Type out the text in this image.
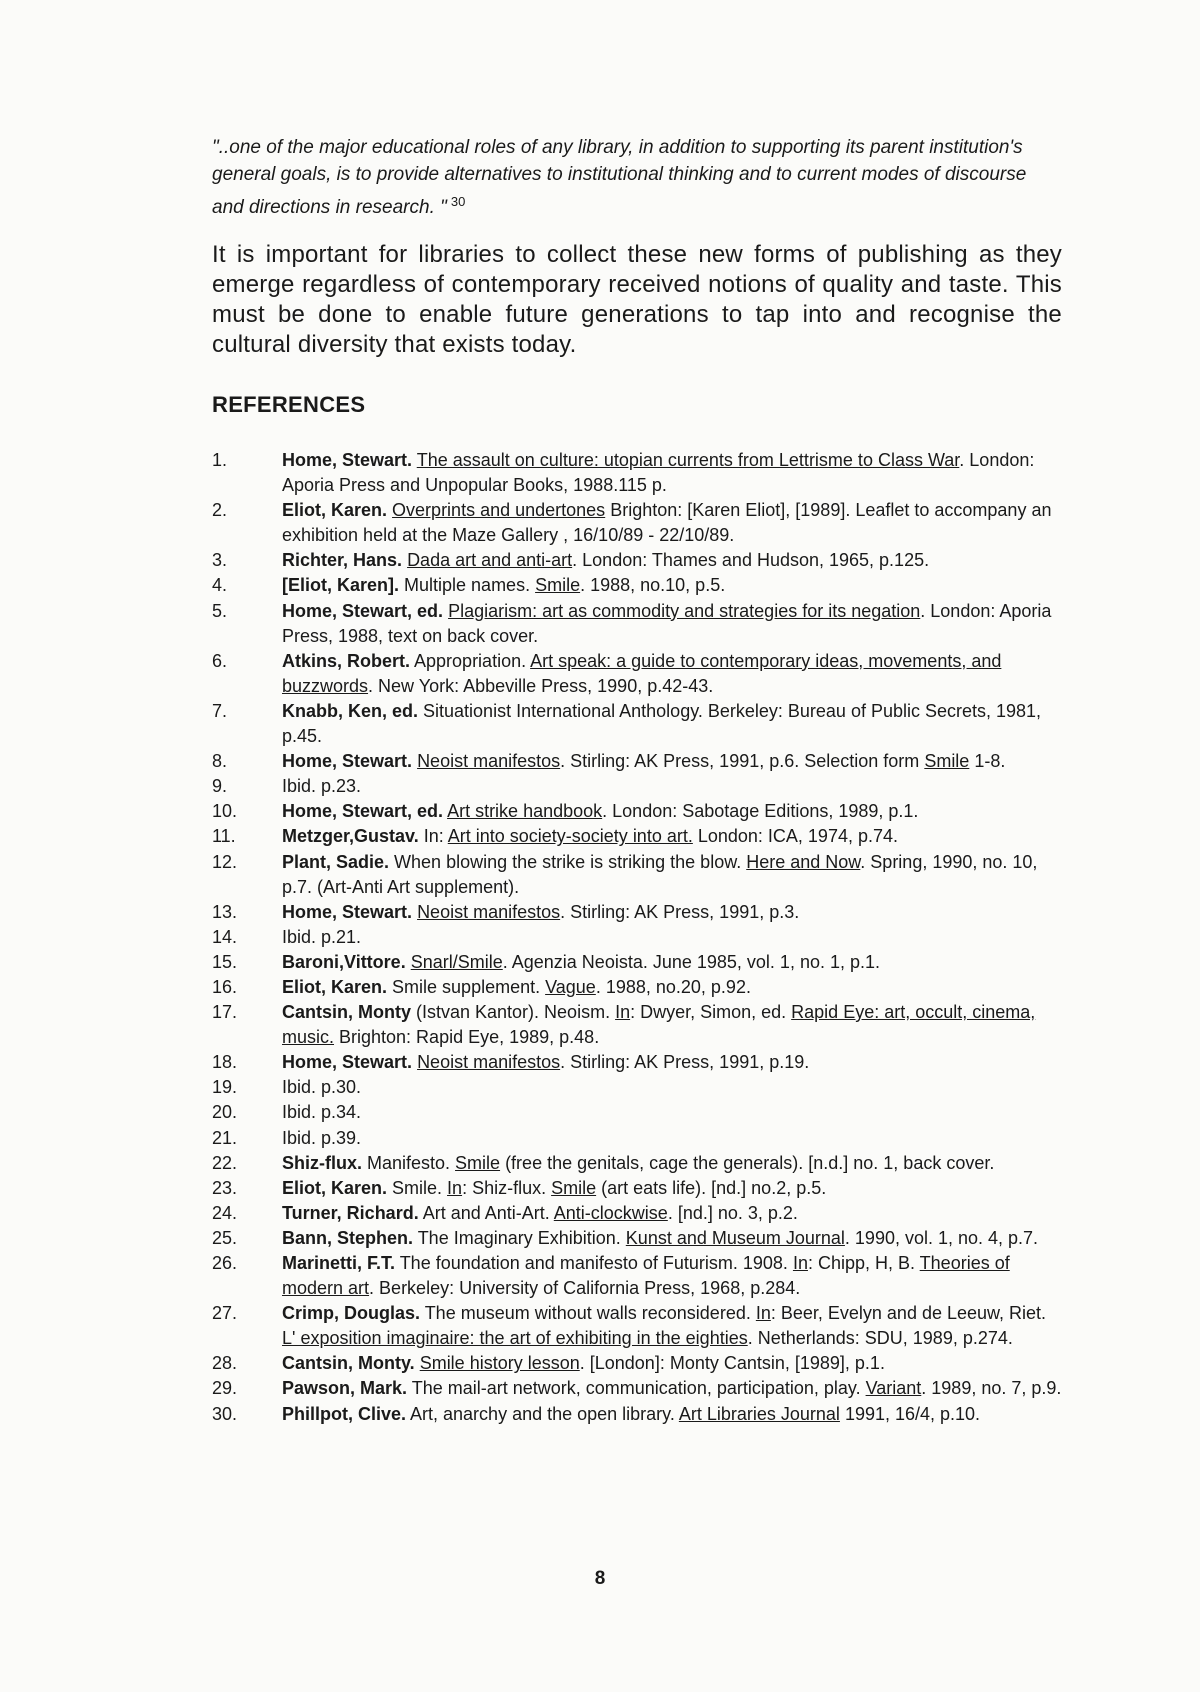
"..one of the major educational roles of any library, in addition to supporting its parent institution's general goals, is to provide alternatives to institutional thinking and to current modes of discourse and directions in research. " $^{30}$

It is important for libraries to collect these new forms of publishing as they emerge regardless of contemporary received notions of quality and taste. This must be done to enable future generations to tap into and recognise the cultural diversity that exists today.

REFERENCES
1.	Home, Stewart. The assault on culture: utopian currents from Lettrisme to Class War. London: Aporia Press and Unpopular Books, 1988.115 p.
2.	Eliot, Karen. Overprints and undertones Brighton: [Karen Eliot], [1989]. Leaflet to accompany an exhibition held at the Maze Gallery , 16/10/89 - 22/10/89.
3.	Richter, Hans. Dada art and anti-art. London: Thames and Hudson, 1965, p.125.
4.	[Eliot, Karen]. Multiple names. Smile. 1988, no.10, p.5.
5.	Home, Stewart, ed. Plagiarism: art as commodity and strategies for its negation. London: Aporia Press, 1988, text on back cover.
6.	Atkins, Robert. Appropriation. Art speak: a guide to contemporary ideas, movements, and buzzwords. New York: Abbeville Press, 1990, p.42-43.
7.	Knabb, Ken, ed. Situationist International Anthology. Berkeley: Bureau of Public Secrets, 1981, p.45.
8.	Home, Stewart. Neoist manifestos. Stirling: AK Press, 1991, p.6. Selection form Smile 1-8.
9.	Ibid. p.23.
10.	Home, Stewart, ed. Art strike handbook. London: Sabotage Editions, 1989, p.1.
11.	Metzger,Gustav. In: Art into society-society into art. London: ICA, 1974, p.74.
12.	Plant, Sadie. When blowing the strike is striking the blow. Here and Now. Spring, 1990, no. 10, p.7. (Art-Anti Art supplement).
13.	Home, Stewart. Neoist manifestos. Stirling: AK Press, 1991, p.3.
14.	Ibid. p.21.
15.	Baroni,Vittore. Snarl/Smile. Agenzia Neoista. June 1985, vol. 1, no. 1, p.1.
16.	Eliot, Karen. Smile supplement. Vague. 1988, no.20, p.92.
17.	Cantsin, Monty (Istvan Kantor). Neoism. In: Dwyer, Simon, ed. Rapid Eye: art, occult, cinema, music. Brighton: Rapid Eye, 1989, p.48.
18.	Home, Stewart. Neoist manifestos. Stirling: AK Press, 1991, p.19.
19.	Ibid. p.30.
20.	Ibid. p.34.
21.	Ibid. p.39.
22.	Shiz-flux. Manifesto. Smile (free the genitals, cage the generals). [n.d.] no. 1, back cover.
23.	Eliot, Karen. Smile. In: Shiz-flux. Smile (art eats life). [nd.] no.2, p.5.
24.	Turner, Richard. Art and Anti-Art. Anti-clockwise. [nd.] no. 3, p.2.
25.	Bann, Stephen. The Imaginary Exhibition. Kunst and Museum Journal. 1990, vol. 1, no. 4, p.7.
26.	Marinetti, F.T. The foundation and manifesto of Futurism. 1908. In: Chipp, H, B. Theories of modern art. Berkeley: University of California Press, 1968, p.284.
27.	Crimp, Douglas. The museum without walls reconsidered. In: Beer, Evelyn and de Leeuw, Riet. L' exposition imaginaire: the art of exhibiting in the eighties. Netherlands: SDU, 1989, p.274.
28.	Cantsin, Monty. Smile history lesson. [London]: Monty Cantsin, [1989], p.1.
29.	Pawson, Mark. The mail-art network, communication, participation, play. Variant. 1989, no. 7, p.9.
30.	Phillpot, Clive. Art, anarchy and the open library. Art Libraries Journal 1991, 16/4, p.10.
8
